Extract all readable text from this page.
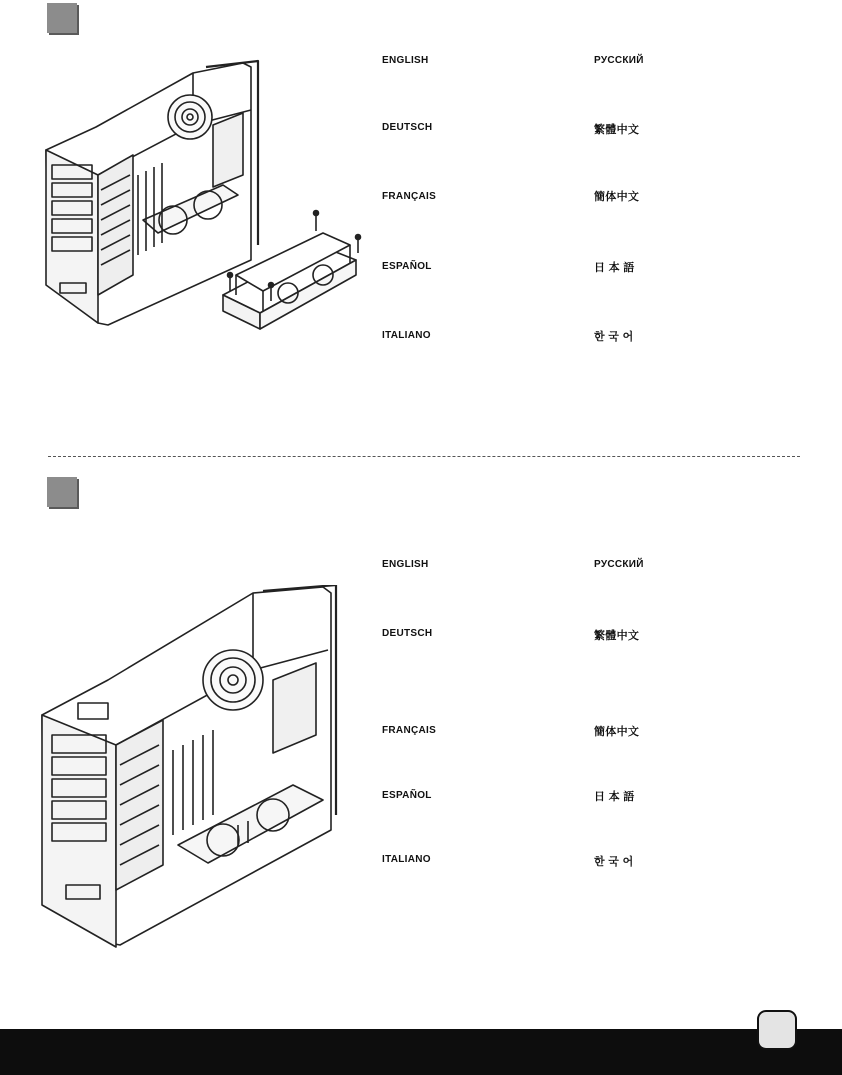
ENGLISH
DEUTSCH
FRANÇAIS
ESPAÑOL
ITALIANO
РУССКИЙ
繁體中文
簡体中文
日 本 語
한 국 어
ENGLISH
DEUTSCH
FRANÇAIS
ESPAÑOL
ITALIANO
РУССКИЙ
繁體中文
簡体中文
日 本 語
한 국 어
